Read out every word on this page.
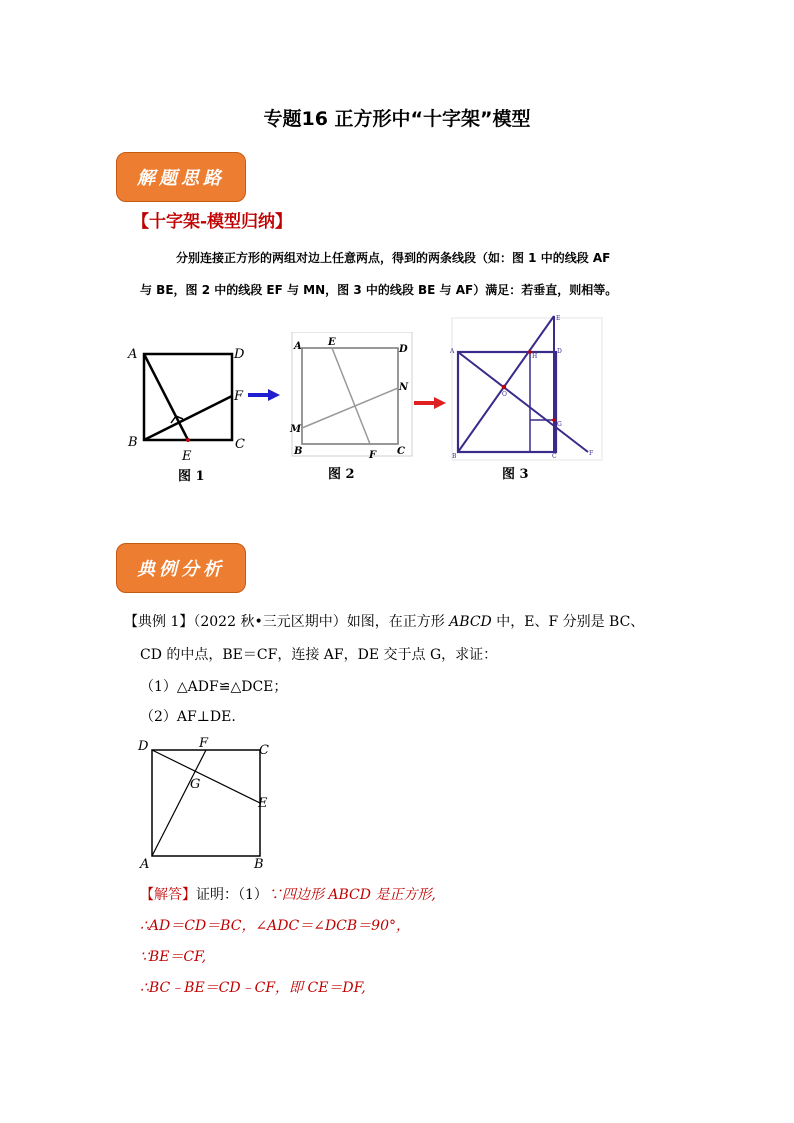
专题16 正方形中“十字架”模型
解题思路
【十字架-模型归纳】
分别连接正方形的两组对边上任意两点，得到的两条线段（如：图 1 中的线段 AF
与 BE，图 2 中的线段 EF 与 MN，图 3 中的线段 BE 与 AF）满足：若垂直，则相等。
A	D
F
B	C
E
图 1
A	E
D
N
M
B	F C
图 2
A
E
H
D
O
G
B	C	F
图 3
典例分析
【典例 1】（2022 秋•三元区期中）如图，在正方形 ABCD 中，E、F 分别是 BC、
CD 的中点，BE＝CF，连接 AF，DE 交于点 G，求证：
（1）△ADF≌△DCE；
（2）AF⊥DE.
D	F	C
G
E
A	B
【解答】证明：（1）∵四边形 ABCD 是正方形,
∴AD＝CD＝BC，∠ADC＝∠DCB＝90°，
∵BE＝CF,
∴BC﹣BE＝CD﹣CF，即 CE＝DF,
